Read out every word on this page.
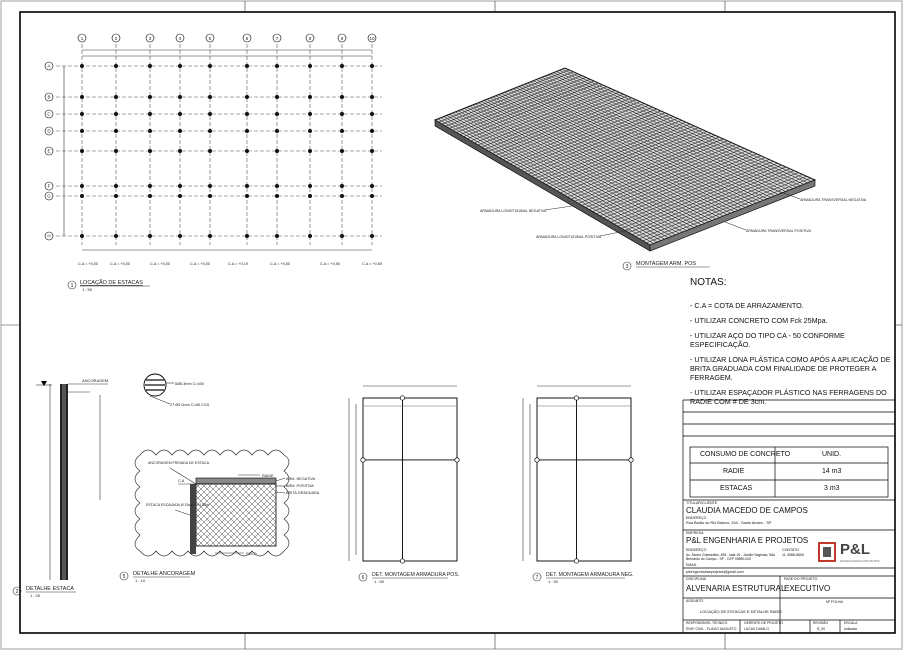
1	2	3	4	5	6	7	8	9	10
A
B
C
D
E
F
G
H
C.A = +0,00	C.A = +0,00	C.A = +0,00	C.A = +0,00	C.A = +0,19	C.A = +0,50	C.A = +0,50	C.A = +0,50
1 LOCAÇÃO DE ESTACAS
1 : 50
ARMADURA LONGITUDINAL NEGATIVA
ARMADURA LONGITUDINAL POSITIVA
ARMADURA TRANSVERSAL NEGATIVA
ARMADURA TRANSVERSAL POSITIVA
3 MONTAGEM ARM. POS
ANCORAGEM
2 DETALHE ESTACA
1 : 25
6Ø6.3mm C=400
27 Ø5.0mm C=65 C/15
ARM. NEGATIVA
ARM. POSITIVA
BRITA GRADUADA
RADIE
ANCORAGEM FRISADA DE ESTACA
C.A
ESTACA ESCAVADA Ø 15cm C=4,00m
SOLO
5 DETALHE ANCORAGEM
1 : 10	6 DET. MONTAGEM ARMADURA POS.
1 : 50
7 DET. MONTAGEM ARMADURA NEG.
1 : 50
NOTAS:
- C.A = COTA DE ARRAZAMENTO.
- UTILIZAR CONCRETO COM Fck 25Mpa.
- UTILIZAR AÇO DO TIPO CA - 50 CONFORME ESPECIFICAÇÃO.
- UTILIZAR LONA PLÁSTICA COMO APÓS A APLICAÇÃO DE BRITA GRADUADA COM FINALIDADE DE PROTEGER A FERRAGEM.
- UTILIZAR ESPAÇADOR PLÁSTICO NAS FERRAGENS DO RADIE COM # DE 3cm.
CONSUMO DE CONCRETO	UNID.
RADIE	14 m3
ESTACAS	3 m3
TITULAR/CLIENTE
CLAUDIA MACEDO DE CAMPOS
ENDEREÇO
Rua Barão do Rio Branco, 244 - Santo Amaro - SP
EMPRESA
P&L ENGENHARIA E PROJETOS
ENDEREÇO
Av. Álvaro Guimarães, 498 - sala 15 - Jardim Saginaw, São Bernardo do Campo - SP - CEP 09890-000
CONTATO
11 3588-5800
EMAIL
pleengenhariaeprojetos@gmail.com
P&L
ENGENHARIA E PROJETOS
DISCIPLINA
ALVENARIA ESTRUTURAL
FASE DO PROJETO
EXECUTIVO
ASSUNTO
LOCAÇÃO DE ESTACAS E DETALHE RADIE
Nº FOLHA
RESPONSÁVEL TÉCNICO
ENGº CIVIL - FLÁVIO AUGUSTO
GERENTE DE PROJETO
LUCAS DANILO
REVISÃO
R_00
ESCALA
Indicada
